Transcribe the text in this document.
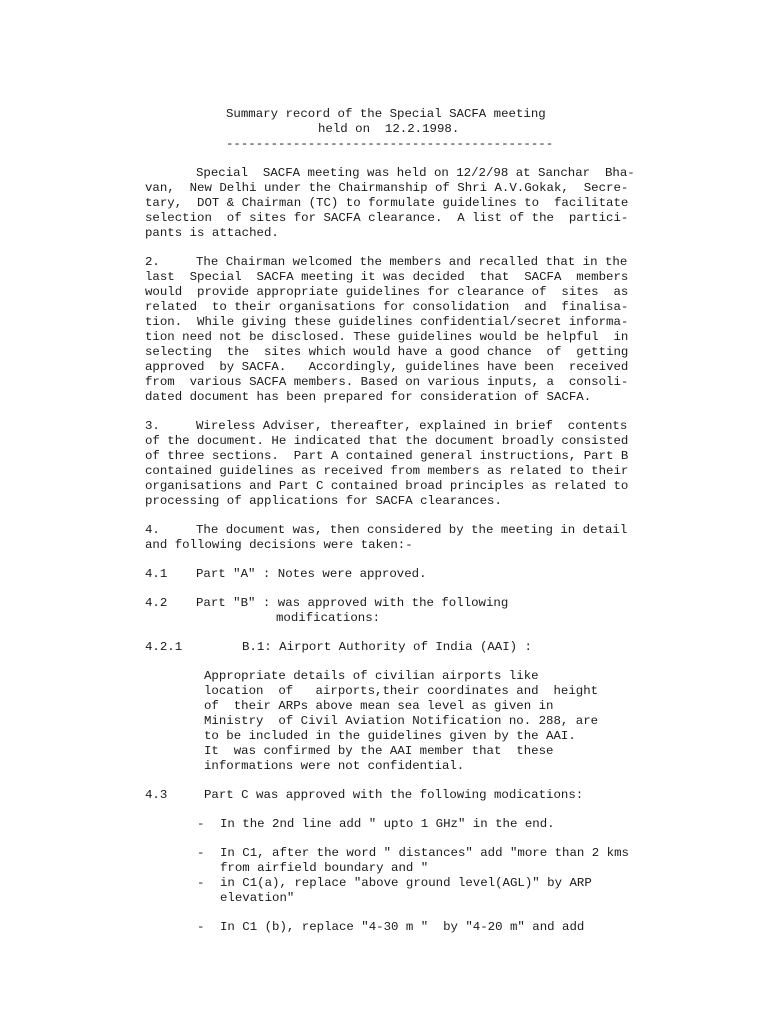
Summary record of the Special SACFA meeting
held on  12.2.1998.
--------------------------------------------
Special  SACFA meeting was held on 12/2/98 at Sanchar  Bha-
van,  New Delhi under the Chairmanship of Shri A.V.Gokak,  Secre-
tary,  DOT & Chairman (TC) to formulate guidelines to  facilitate
selection  of sites for SACFA clearance.  A list of the  partici-
pants is attached.
2.	The Chairman welcomed the members and recalled that in the
last  Special  SACFA meeting it was decided  that  SACFA  members
would  provide appropriate guidelines for clearance of  sites  as
related  to their organisations for consolidation  and  finalisa-
tion.  While giving these guidelines confidential/secret informa-
tion need not be disclosed. These guidelines would be helpful  in
selecting  the  sites which would have a good chance  of  getting
approved  by SACFA.   Accordingly, guidelines have been  received
from  various SACFA members. Based on various inputs, a  consoli-
dated document has been prepared for consideration of SACFA.
3.	Wireless Adviser, thereafter, explained in brief  contents
of the document. He indicated that the document broadly consisted
of three sections.  Part A contained general instructions, Part B
contained guidelines as received from members as related to their
organisations and Part C contained broad principles as related to
processing of applications for SACFA clearances.
4.	The document was, then considered by the meeting in detail
and following decisions were taken:-
4.1 Part "A" : Notes were approved.
4.2 Part "B" : was approved with the following
modifications:
4.2.1	B.1: Airport Authority of India (AAI) :
Appropriate details of civilian airports like
location  of   airports,their coordinates and  height
of  their ARPs above mean sea level as given in
Ministry  of Civil Aviation Notification no. 288, are
to be included in the guidelines given by the AAI.
It  was confirmed by the AAI member that  these
informations were not confidential.
4.3	Part C was approved with the following modications:
- In the 2nd line add " upto 1 GHz" in the end.
- In C1, after the word " distances" add "more than 2 kms
from airfield boundary and "
- in C1(a), replace "above ground level(AGL)" by ARP
elevation"
- In C1 (b), replace "4-30 m "  by "4-20 m" and add
